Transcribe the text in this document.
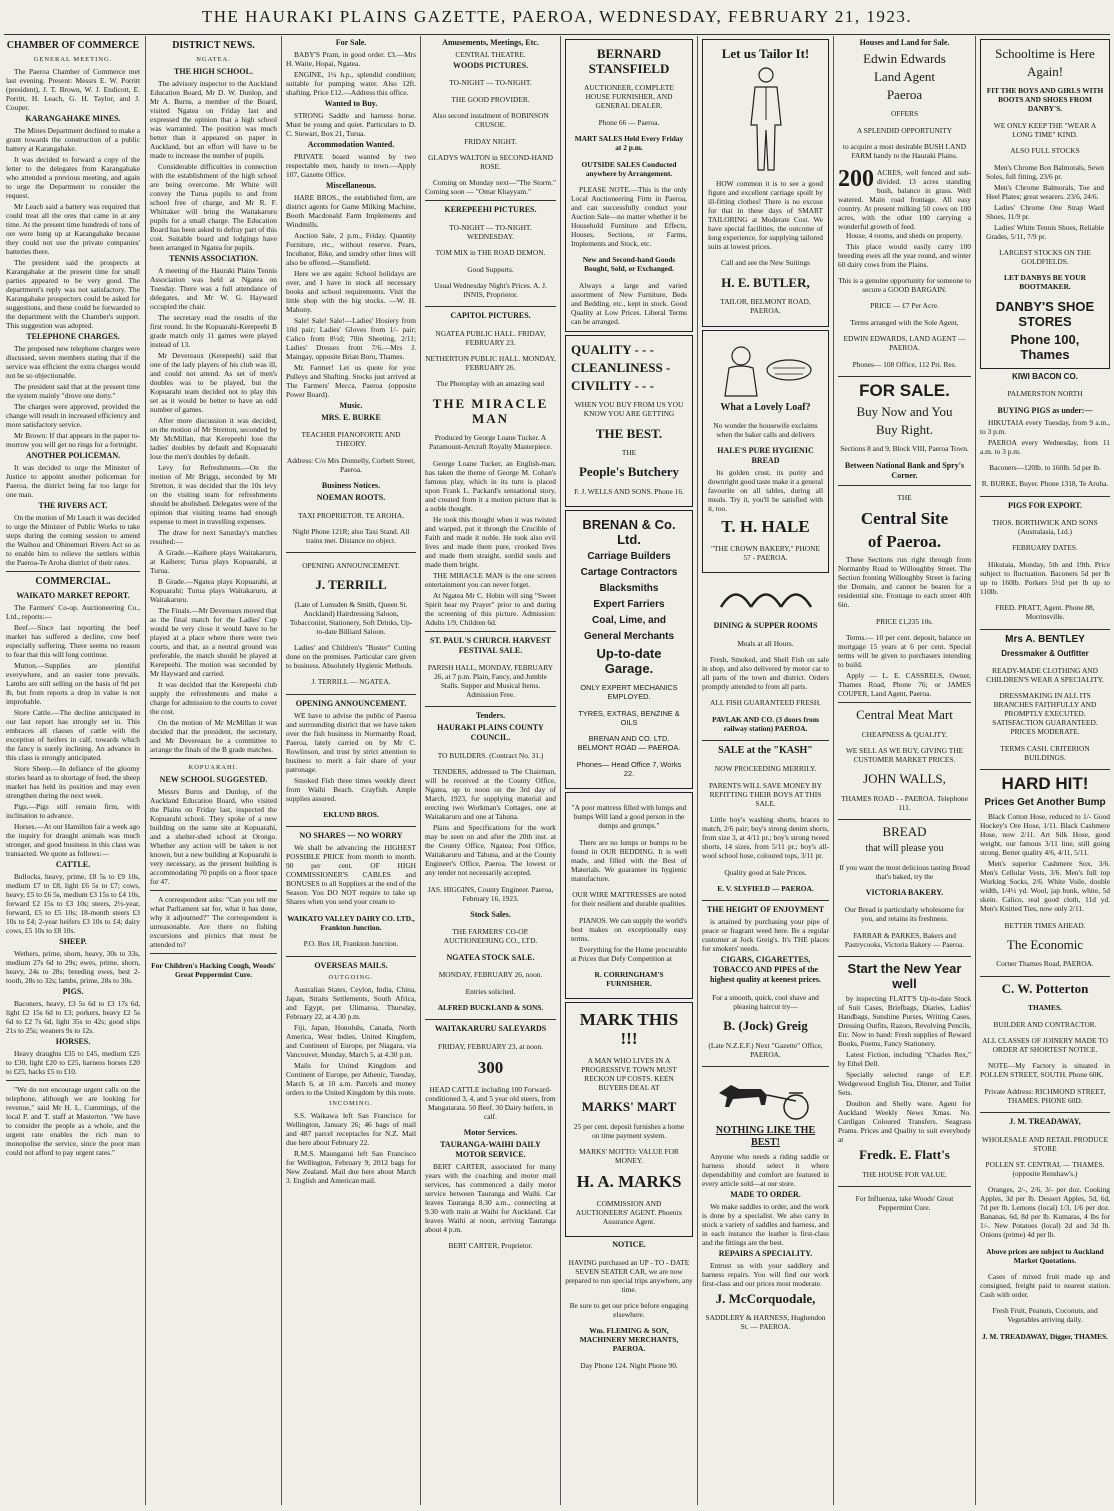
THE HAURAKI PLAINS GAZETTE, PAEROA, WEDNESDAY, FEBRUARY 21, 1923.
CHAMBER OF COMMERCE
GENERAL MEETING.

The Paeroa Chamber of Commerce met last evening. Present: Messrs E. W. Porritt (president), J. T. Brown, W. J. Endicott, E. Porritt, H. Leach, G. H. Taylor, and J. Couper.

KARANGAHAKE MINES.

The Mines Department declined to make a grant towards the construction of a public battery at Karangahake.

It was decided to forward a copy of the letter to the delegates from Karangahake who attended a previous meeting, and again to urge the Department to consider the request.

Mr Leach said a battery was required that could treat all the ores that came in at any time. At the present time hundreds of tons of ore were hung up at Karangahake because they could not use the private companies' batteries there.

The president said the prospects at Karangahake at the present time for small parties appeared to be very good. The department's reply was not satisfactory. The Karangahake prospectors could be asked for suggestions, and these could be forwarded to the department with the Chamber's support. This suggestion was adopted.

TELEPHONE CHARGES.

The proposed new telephone charges were discussed, seven members stating that if the service was efficient the extra charges would not be so objectionable.

The president said that at the present time the system mainly "drove one dotty."

The charges were approved, provided the change will result in increased efficiency and more satisfactory service.

Mr Brown: If that appears in the paper to-morrow you will get no rings for a fortnight.

ANOTHER POLICEMAN.

It was decided to urge the Minister of Justice to appoint another policeman for Paeroa, the district being far too large for one man.

THE RIVERS ACT.

On the motion of Mr Leach it was decided to urge the Minister of Public Works to take steps during the coming session to amend the Waihou and Ohinemuri Rivers Act so as to enable him to relieve the settlers within the Paeroa-Te Aroha district of their rates.

COMMERCIAL.
WAIKATO MARKET REPORT.

The Farmers' Co-op. Auctioneering Co., Ltd., reports:—

Beef.—Since last reporting the beef market has suffered a decline, cow beef especially suffering. There seems no reason to fear that this will long continue.

Mutton.—Supplies are plentiful everywhere, and an easier tone prevails. Lambs are still selling on the basis of 9d per lb, but from reports a drop in value is not improbable.

Store Cattle.—The decline anticipated in our last report has strongly set in. This embraces all classes of cattle with the exception of heifers in calf, towards which the fancy is surely inclining. An advance in this class is strongly anticipated.

Store Sheep.—In defiance of the gloomy stories heard as to shortage of feed, the sheep market has held its position and may even strengthen during the next week.

Pigs.—Pigs still remain firm, with inclination to advance.

Horses.—At our Hamilton fair a week ago the inquiry for draught animals was much stronger, and good business in this class was transacted. We quote as follows:—

CATTLE.

Bullocks, heavy, prime, £8 5s to £9 10s, medium £7 to £8, light £6 5s to £7; cows, heavy, £5 to £6 5s, medium £3 15s to £4 10s, forward £2 15s to £3 10s; steers, 2½-year, forward, £5 to £5 10s; 18-month steers £3 10s to £4; 2-year heifers £3 10s to £4; dairy cows, £5 10s to £8 10s.

SHEEP.

Wethers, prime, shorn, heavy, 30s to 33s, medium 27s 6d to 29s; ewes, prime, shorn, heavy, 24s to 28s; breeding ewes, best 2-tooth, 28s to 32s; lambs, prime, 28s to 30s.

PIGS.

Baconers, heavy, £3 5s 6d to £3 17s 6d, light £2 15s 6d to £3; porkers, heavy £2 5s 6d to £2 7s 6d, light 35s to 42s; good slips 21s to 25s; weaners 9s to 12s.

HORSES.

Heavy draughts £35 to £45, medium £25 to £30, light £20 to £25, harness horses £20 to £25, hacks £5 to £10.

"We do not encourage urgent calls on the telephone, although we are looking for revenue," said Mr H. L. Cummings, of the local P. and T. staff at Masterton. "We have to consider the people as a whole, and the urgent rate enables the rich man to monopolise the service, since the poor man could not afford to pay urgent rates."

DISTRICT NEWS.
NGATEA.
THE HIGH SCHOOL.

The advisory inspector to the Auckland Education Board, Mr D. W. Dunlop, and Mr A. Burns, a member of the Board, visited Ngatea on Friday last and expressed the opinion that a high school was warranted. The position was much better than it appeared on paper in Auckland, but an effort will have to be made to increase the number of pupils.

Considerable difficulties in connection with the establishment of the high school are being overcome. Mr White will convey the Turua pupils to and from school free of charge, and Mr R. F. Whittaker will bring the Waitakaruru pupils for a small charge. The Education Board has been asked to defray part of this cost. Suitable board and lodgings have been arranged in Ngatea for pupils.

TENNIS ASSOCIATION.

A meeting of the Hauraki Plains Tennis Association was held at Ngatea on Tuesday. There was a full attendance of delegates, and Mr W. G. Hayward occupied the chair.

The secretary read the results of the first round. In the Kopuarahi-Kerepeehi B grade match only 11 games were played instead of 13.

Mr Devereaux (Kerepeehi) said that one of the lady players of his club was ill, and could not attend. As set of men's doubles was to be played, but the Kopuarahi team decided not to play this set as it would be better to have an odd number of games.

After more discussion it was decided, on the motion of Mr Stretton, seconded by Mr McMillan, that Kerepeehi lose the ladies' doubles by default and Kopuarahi lose the men's doubles by default.

Levy for Refreshments.—On the motion of Mr Briggs, seconded by Mr Stretton, it was decided that the 10s levy on the visiting team for refreshments should be abolished. Delegates were of the opinion that visiting teams had enough expense to meet in travelling expenses.

The draw for next Saturday's matches resulted:—

A Grade.—Kaihere plays Waitakaruru, at Kaihere; Turua plays Kopuarahi, at Turua.

B Grade.—Ngatea plays Kopuarahi, at Kopuarahi; Turua plays Waitakaruru, at Waitakaruru.

The Finals.—Mr Devereaux moved that as the final match for the Ladies' Cup would be very close it would have to be played at a place where there were two courts, and that, as a neutral ground was preferable, the match should be played at Kerepeehi. The motion was seconded by Mr Hayward and carried.

It was decided that the Kerepeehi club supply the refreshments and make a charge for admission to the courts to cover the cost.

On the motion of Mr McMillan it was decided that the president, the secretary, and Mr Devereaux be a committee to arrange the finals of the B grade matches.

KOPUARAHI.
NEW SCHOOL SUGGESTED.

Messrs Burns and Dunlop, of the Auckland Education Board, who visited the Plains on Friday last, inspected the Kopuarahi school. They spoke of a new building on the same site at Kopuarahi, and a shelter-shed school at Orongo. Whether any action will be taken is not known, but a new building at Kopuarahi is very necessary, as the present building is accommodating 70 pupils on a floor space for 47.

A correspondent asks: "Can you tell me what Parliament sat for, what it has done, why it adjourned?" The correspondent is unreasonable. Are there no fishing excursions and picnics that must be attended to?

For Children's Hacking Cough, Woods' Great Peppermint Cure.

For Sale.

BABY'S Pram, in good order. £3.—Mrs H. Waite, Hopai, Ngatea.

ENGINE, 1¼ h.p., splendid condition; suitable for pumping water. Also 12ft. shafting. Price £12.—Address this office.

Wanted to Buy.

STRONG Saddle and harness horse. Must be young and quiet. Particulars to D. C. Stewart, Box 21, Turua.

Accommodation Wanted.

PRIVATE board wanted by two respectable men, handy to town.—Apply 107, Gazette Office.

Miscellaneous.

HARE BROS., the established firm, are district agents for Game Milking Machine, Booth Macdonald Farm Implements and Windmills.

Auction Sale, 2 p.m., Friday. Quantity Furniture, etc., without reserve. Pears, Incubator, Bike, and sundry other lines will also be offered.—Stansfield.

Here we are again: School holidays are over, and I have in stock all necessary books and school requirements. Visit the little shop with the big stocks. —W. H. Mahony.

Sale! Sale! Sale!—Ladies' Hosiery from 10d pair; Ladies' Gloves from 1/- pair; Calico from 8½d; 70in Sheeting, 2/11; Ladies' Dresses from 7/6.—Mrs J. Maingay, opposite Brian Boru, Thames.

Mr. Farmer! Let us quote for you: Pulleys and Shafting. Stocks just arrived at The Farmers' Mecca, Paeroa (opposite Power Board).

Music.
MRS. E. BURKE

TEACHER PIANOFORTE AND THEORY.

Address: C/o Mrs Donnelly, Corbett Street, Paeroa.

Business Notices.
NOEMAN ROOTS.

TAXI PROPRIETOR. TE AROHA.

Night Phone 121R; also Taxi Stand. All trains met. Distance no object.

OPENING ANNOUNCEMENT.

J. TERRILL

(Late of Lumsden & Smith, Queen St. Auckland) Hairdressing Saloon, Tobacconist, Stationery, Soft Drinks, Up-to-date Billiard Saloon.

Ladies' and Children's "Buster" Cutting done on the premises. Particular care given to business. Absolutely Hygienic Methods.

J. TERRILL — NGATEA.

OPENING ANNOUNCEMENT.

WE have to advise the public of Paeroa and surrounding district that we have taken over the fish business in Normanby Road, Paeroa, lately carried on by Mr C. Rowlinson, and trust by strict attention to business to merit a fair share of your patronage.

Smoked Fish three times weekly direct from Waihi Beach. Crayfish. Ample supplies assured.

EKLUND BROS.

NO SHARES — NO WORRY

We shall be advancing the HIGHEST POSSIBLE PRICE from month to month. 90 per cent. OF HIGH COMMISSIONER'S CABLES and BONUSES to all Suppliers at the end of the Season. You DO NOT require to take up Shares when you send your cream to

WAIKATO VALLEY DAIRY CO. LTD., Frankton Junction.

P.O. Box 18, Frankton Junction.

OVERSEAS MAILS.
OUTGOING.

Australian States, Ceylon, India, China, Japan, Straits Settlements, South Africa, and Egypt, per Ulimaroa, Thursday, February 22, at 4.30 p.m.

Fiji, Japan, Honolulu, Canada, North America, West Indies, United Kingdom, and Continent of Europe, per Niagara, via Vancouver, Monday, March 5, at 4.30 p.m.

Mails for United Kingdom and Continent of Europe, per Athenic, Tuesday, March 6, at 10 a.m. Parcels and money orders to the United Kingdom by this route.

INCOMING.

S.S. Waikawa left San Francisco for Wellington, January 26; 46 bags of mail and 487 parcel receptacles for N.Z. Mail due here about February 22.

R.M.S. Maunganui left San Francisco for Wellington, February 9; 2012 bags for New Zealand. Mail due here about March 3. English and American mail.

Amusements, Meetings, Etc.
CENTRAL THEATRE.
WOODS PICTURES.

TO-NIGHT — TO-NIGHT.

THE GOOD PROVIDER.

Also second instalment of ROBINSON CRUSOE.

FRIDAY NIGHT.

GLADYS WALTON in SECOND-HAND ROSE.

Coming on Monday next—"The Storm." Coming soon — "Omar Khayyam."

KEREPEEHI PICTURES.

TO-NIGHT — TO-NIGHT. WEDNESDAY.

TOM MIX in THE ROAD DEMON.

Good Supports.

Usual Wednesday Night's Prices. A. J. INNIS, Proprietor.

CAPITOL PICTURES.

NGATEA PUBLIC HALL. FRIDAY, FEBRUARY 23.

NETHERTON PUBLIC HALL. MONDAY, FEBRUARY 26.

The Photoplay with an amazing soul

THE MIRACLE MAN

Produced by George Loane Tucker. A Paramount-Artcraft Royalty Masterpiece.

George Loane Tucker, an English-man, has taken the theme of George M. Cohan's famous play, which in its turn is placed upon Frank L. Packard's sensational story, and created from it a motion picture that is a noble thought.

He took this thought when it was twisted and warped, put it through the Crucible of Faith and made it noble. He took also evil lives and made them pure, crooked lives and made them straight, sordid souls and made them bright.

THE MIRACLE MAN is the one screen entertainment you can never forget.

At Ngatea Mr C. Hobin will sing "Sweet Spirit hear my Prayer" prior to and during the screening of this picture. Admission: Adults 1/9, Children 6d.

ST. PAUL'S CHURCH. HARVEST FESTIVAL SALE.

PARISH HALL, MONDAY, FEBRUARY 26, at 7 p.m. Plain, Fancy, and Jumble Stalls. Supper and Musical Items. Admission Free.

Tenders.
HAURAKI PLAINS COUNTY COUNCIL.

TO BUILDERS. (Contract No. 31.)

TENDERS, addressed to The Chairman, will be received at the County Office, Ngatea, up to noon on the 3rd day of March, 1923, for supplying material and erecting two Workman's Cottages, one at Waitakaruru and one at Tahuna.

Plans and Specifications for the work may be seen on and after the 20th inst. at the County Office, Ngatea; Post Office, Waitakaruru and Tahuna, and at the County Engineer's Office, Paeroa. The lowest or any tender not necessarily accepted.

JAS. HIGGINS, County Engineer. Paeroa, February 16, 1923.

Stock Sales.

THE FARMERS' CO-OP. AUCTIONEERING CO., LTD.

NGATEA STOCK SALE.

MONDAY, FEBRUARY 26, noon.

Entries solicited.

ALFRED BUCKLAND & SONS.

WAITAKARURU SALEYARDS

FRIDAY, FEBRUARY 23, at noon.

300

HEAD CATTLE including 100 Forward-conditioned 3, 4, and 5 year old steers, from Mangatarata. 50 Beef. 30 Dairy heifers, in calf.

Motor Services.
TAURANGA-WAIHI DAILY MOTOR SERVICE.

BERT CARTER, associated for many years with the coaching and motor mail services, has commenced a daily motor service between Tauranga and Waihi. Car leaves Tauranga 8.30 a.m., connecting at 9.30 with train at Waihi for Auckland. Car leaves Waihi at noon, arriving Tauranga about 4 p.m.

BERT CARTER, Proprietor.

BERNARD STANSFIELD

AUCTIONEER, COMPLETE HOUSE FURNISHER, AND GENERAL DEALER.

Phone 66 — Paeroa.

MART SALES Held Every Friday at 2 p.m.

OUTSIDE SALES Conducted anywhere by Arrangement.

PLEASE NOTE.—This is the only Local Auctioneering Firm in Paeroa, and can successfully conduct your Auction Sale—no matter whether it be Household Furniture and Effects, Houses, Sections, or Farms, Implements and Stock, etc.

New and Second-hand Goods Bought, Sold, or Exchanged.

Always a large and varied assortment of New Furniture, Beds and Bedding, etc., kept in stock. Good Quality at Low Prices. Liberal Terms can be arranged.

QUALITY - - -
CLEANLINESS -
CIVILITY - - -

WHEN YOU BUY FROM US YOU KNOW YOU ARE GETTING

THE BEST.

THE

People's Butchery

F. J. WELLS AND SONS. Phone 16.

BRENAN & Co. Ltd.
Carriage Builders
Cartage Contractors
Blacksmiths
Expert Farriers
Coal, Lime, and
General Merchants
Up-to-date Garage.

ONLY EXPERT MECHANICS EMPLOYED.

TYRES, EXTRAS, BENZINE & OILS

BRENAN AND CO. LTD. BELMONT ROAD — PAEROA.

Phones— Head Office 7, Works 22.

"A poor mattress filled with lumps and bumps Will land a good person in the dumps and grumps."

There are no lumps or bumps to be found in OUR BEDDING. It is well made, and filled with the Best of Materials. We guarantee its hygienic manufacture.

OUR WIRE MATTRESSES are noted for their resilient and durable qualities.

PIANOS. We can supply the world's best makes on exceptionally easy terms.

Everything for the Home procurable at Prices that Defy Competition at

R. CORRINGHAM'S FURNISHER.

MARK THIS !!!

A MAN WHO LIVES IN A PROGRESSIVE TOWN MUST RECKON UP COSTS. KEEN BUYERS DEAL AT

MARKS' MART

25 per cent. deposit furnishes a home on time payment system.

MARKS' MOTTO: VALUE FOR MONEY.

H. A. MARKS

COMMISSION AND AUCTIONEERS' AGENT. Phoenix Assurance Agent.

NOTICE.

HAVING purchased an UP - TO - DATE SEVEN SEATER CAR, we are now prepared to run special trips anywhere, any time.

Be sure to get our price before engaging elsewhere.

Wm. FLEMING & SON, MACHINERY MERCHANTS, PAEROA.

Day Phone 124. Night Phone 90.

Let us Tailor It!

HOW common it is to see a good figure and excellent carriage spoilt by ill-fitting clothes! There is no excuse for that in these days of SMART TAILORING at Moderate Cost. We have special facilities, the outcome of long experience, for supplying tailored suits at lowest prices.

Call and see the New Suitings

H. E. BUTLER,

TAILOR, BELMONT ROAD, PAEROA.

What a Lovely Loaf?

No wonder the housewife exclaims when the baker calls and delivers

HALE'S PURE HYGIENIC BREAD

Its golden crust, its purity and downright good taste make it a general favourite on all tables, during all meals. Try it, you'll be satisfied with it, too.

T. H. HALE

"THE CROWN BAKERY," PHONE 57 - PAEROA.

DINING & SUPPER ROOMS

Meals at all Hours.

Fresh, Smoked, and Shell Fish on sale in shop, and also delivered by motor car to all parts of the town and district. Orders promptly attended to from all parts.

ALL FISH GUARANTEED FRESH.

PAVLAK AND CO. (3 doors from railway station) PAEROA.

SALE at the "KASH"

NOW PROCEEDING MERRILY.

PARENTS WILL SAVE MONEY BY REFITTING THEIR BOYS AT THIS SALE.

Little boy's washing shorts, braces to match, 2/6 pair; boy's strong denim shorts, from size 3, at 4/11 pr.; boy's strong tweed shorts, 14 sizes, from 5/11 pr.; boy's all-wool school hose, coloured tops, 3/11 pr.

Quality good at Sale Prices.

E. V. SLYFIELD — PAEROA.

THE HEIGHT OF ENJOYMENT

is attained by purchasing your pipe of peace or fragrant weed here. Be a regular customer at Jock Greig's. It's THE places for smokers' needs.

CIGARS, CIGARETTES, TOBACCO AND PIPES of the highest quality at keenest prices.

For a smooth, quick, cool shave and pleasing haircut try—

B. (Jock) Greig

(Late N.Z.E.F.) Next "Gazette" Office, PAEROA.

NOTHING LIKE THE BEST!

Anyone who needs a riding saddle or harness should select it where dependability and comfort are featured in every article sold—at our store.

MADE TO ORDER.

We make saddles to order, and the work is done by a specialist. We also carry in stock a variety of saddles and harness, and in each instance the leather is first-class and the fittings are the best.

REPAIRS A SPECIALITY.

Entrust us with your saddlery and harness repairs. You will find our work first-class and our prices most moderate.

J. McCorquodale,

SADDLERY & HARNESS, Hughendon St. — PAEROA.

Houses and Land for Sale.
Edwin Edwards
Land Agent
Paeroa

OFFERS

A SPLENDID OPPORTUNITY

to acquire a most desirable BUSH LAND FARM handy to the Hauraki Plains.

200 ACRES, well fenced and sub-divided. 13 acres standing bush, balance in grass. Well watered. Main road frontage. All easy country. At present milking 50 cows on 100 acres, with the other 100 carrying a wonderful growth of feed.

House, 4 rooms, and sheds on property.

This place would easily carry 100 breeding ewes all the year round, and winter 60 dairy cows from the Plains.

This is a genuine opportunity for someone to secure a GOOD BARGAIN.

PRICE — £7 Per Acre.

Terms arranged with the Sole Agent,

EDWIN EDWARDS, LAND AGENT — PAEROA.

Phones— 108 Office, 112 Pri. Res.

FOR SALE.
Buy Now and You
Buy Right.

Sections 8 and 9, Block VIII, Paeroa Town.

Between National Bank and Spry's Corner.

THE

Central Site
of Paeroa.

These Sections run right through from Normanby Road to Willoughby Street. The Section fronting Willoughby Street is facing the Domain, and cannot be beaten for a residential site. Frontage to each street 40ft 6in.

PRICE £1,235 10s.

Terms.— 10 per cent. deposit, balance on mortgage 15 years at 6 per cent. Special terms will be given to purchasers intending to build.

Apply — L. E. CASSRELS, Owner, Thames Road, Phone 76; or JAMES COUPER, Land Agent, Paeroa.

Central Meat Mart

CHEAPNESS & QUALITY.

WE SELL AS WE BUY, GIVING THE CUSTOMER MARKET PRICES.

JOHN WALLS,

THAMES ROAD - - PAEROA. Telephone 111.

BREAD
that will please you

If you want the most delicious tasting Bread that's baked, try the

VICTORIA BAKERY.

Our Bread is particularly wholesome for you, and retains its freshness.

FARRAR & PARKES, Bakers and Pastrycooks, Victoria Bakery — Paeroa.

Start the New Year well

by inspecting FLATT'S Up-to-date Stock of Suit Cases, Briefbags, Diaries, Ladies' Handbags, Sunshine Purses, Writing Cases, Dressing Outfits, Razors, Revolving Pencils, Etc. Now to hand: Fresh supplies of Reward Books, Poems, Fancy Stationery.

Latest Fiction, including "Charles Rex," by Ethel Dell.

Specially selected range of E.P. Wedgewood English Tea, Dinner, and Toilet Sets.

Doulton and Shelly ware. Agent for Auckland Weekly News Xmas. No. Cardigan Coloured Transfers. Seagrass Prams. Prices and Quality to suit everybody at

Fredk. E. Flatt's

THE HOUSE FOR VALUE.

For Influenza, take Woods' Great Peppermint Cure.

Schooltime is Here
Again!

FIT THE BOYS AND GIRLS WITH BOOTS AND SHOES FROM DANBY'S.

WE ONLY KEEP THE "WEAR A LONG TIME" KIND.

ALSO FULL STOCKS

Men's Chrome Box Balmorals, Sewn Soles, full fitting, 23/6 pr.

Men's Chrome Balmorals, Toe and Heel Plates; great wearers. 23/6, 24/6.

Ladies' Chrome One Strap Ward Shoes, 11/9 pr.

Ladies' White Tennis Shoes, Reliable Grades, 5/11, 7/9 pr.

LARGEST STOCKS ON THE GOLDFIELDS.

LET DANBYS BE YOUR BOOTMAKER.

DANBY'S SHOE STORES
Phone 100, Thames
KIWI BACON CO.

PALMERSTON NORTH

BUYING PIGS as under:—

HIKUTAIA every Tuesday, from 9 a.m., to 3 p.m.

PAEROA every Wednesday, from 11 a.m. to 3 p.m.

Baconers—120lb. to 160lb. 5d per lb.

R. BURKE, Buyer. Phone 1318, Te Aroha.

PIGS FOR EXPORT.

THOS. BORTHWICK AND SONS (Australasia, Ltd.)

FEBRUARY DATES.

Hikutaia, Monday, 5th and 19th. Price subject to fluctuation. Baconers 5d per lb up to 160lb. Porkers 5½d per lb up to 110lb.

FRED. PRATT, Agent. Phone 88, Morrinsville.

Mrs A. BENTLEY
Dressmaker & Outfitter

READY-MADE CLOTHING AND CHILDREN'S WEAR A SPECIALITY.

DRESSMAKING IN ALL ITS BRANCHES FAITHFULLY AND PROMPTLY EXECUTED. SATISFACTION GUARANTEED. PRICES MODERATE.

TERMS CASH. CRITERION BUILDINGS.

HARD HIT!
Prices Get Another Bump

Black Cotton Hose, reduced to 1/- Good Hockey's Ore Hose, 1/11. Black Cashmere Hose, now 2/11. Art Silk Hose, good weight, our famous 3/11 line, still going strong. Better quality 4/6, 4/11, 5/11.

Men's superior Cashmere Sox, 3/6. Men's Cellular Vests, 3/6. Men's full top Working Socks, 2/6. White Voile, double width, 1/4½ yd. Wool, jap bunk, white, 5d skein. Calico, real good cloth, 11d yd. Men's Knitted Ties, now only 2/11.

BETTER TIMES AHEAD.

The Economic

Corner Thames Road, PAEROA.

C. W. Potterton

THAMES.

BUILDER AND CONTRACTOR.

ALL CLASSES OF JOINERY MADE TO ORDER AT SHORTEST NOTICE.

NOTE—My Factory is situated in POLLEN STREET, SOUTH. Phone 60K.

Private Address: RICHMOND STREET, THAMES. PHONE 60D.

J. M. TREADAWAY,

WHOLESALE AND RETAIL PRODUCE STORE

POLLEN ST. CENTRAL — THAMES. (opposite Renshaw's.)

Oranges, 2/-, 2/6, 3/- per doz. Cooking Apples, 3d per lb. Dessert Apples, 5d, 6d, 7d per lb. Lemons (local) 1/3, 1/6 per doz. Bananas, 6d, 8d per lb. Kumaras, 4 lbs for 1/-. New Potatoes (local) 2d and 3d lb. Onions (prime) 4d per lb.

Above prices are subject to Auckland Market Quotations.

Cases of mixed fruit made up and consigned, freight paid to nearest station. Cash with order.

Fresh Fruit, Peanuts, Coconuts, and Vegetables arriving daily.

J. M. TREADAWAY, Digger, THAMES.
